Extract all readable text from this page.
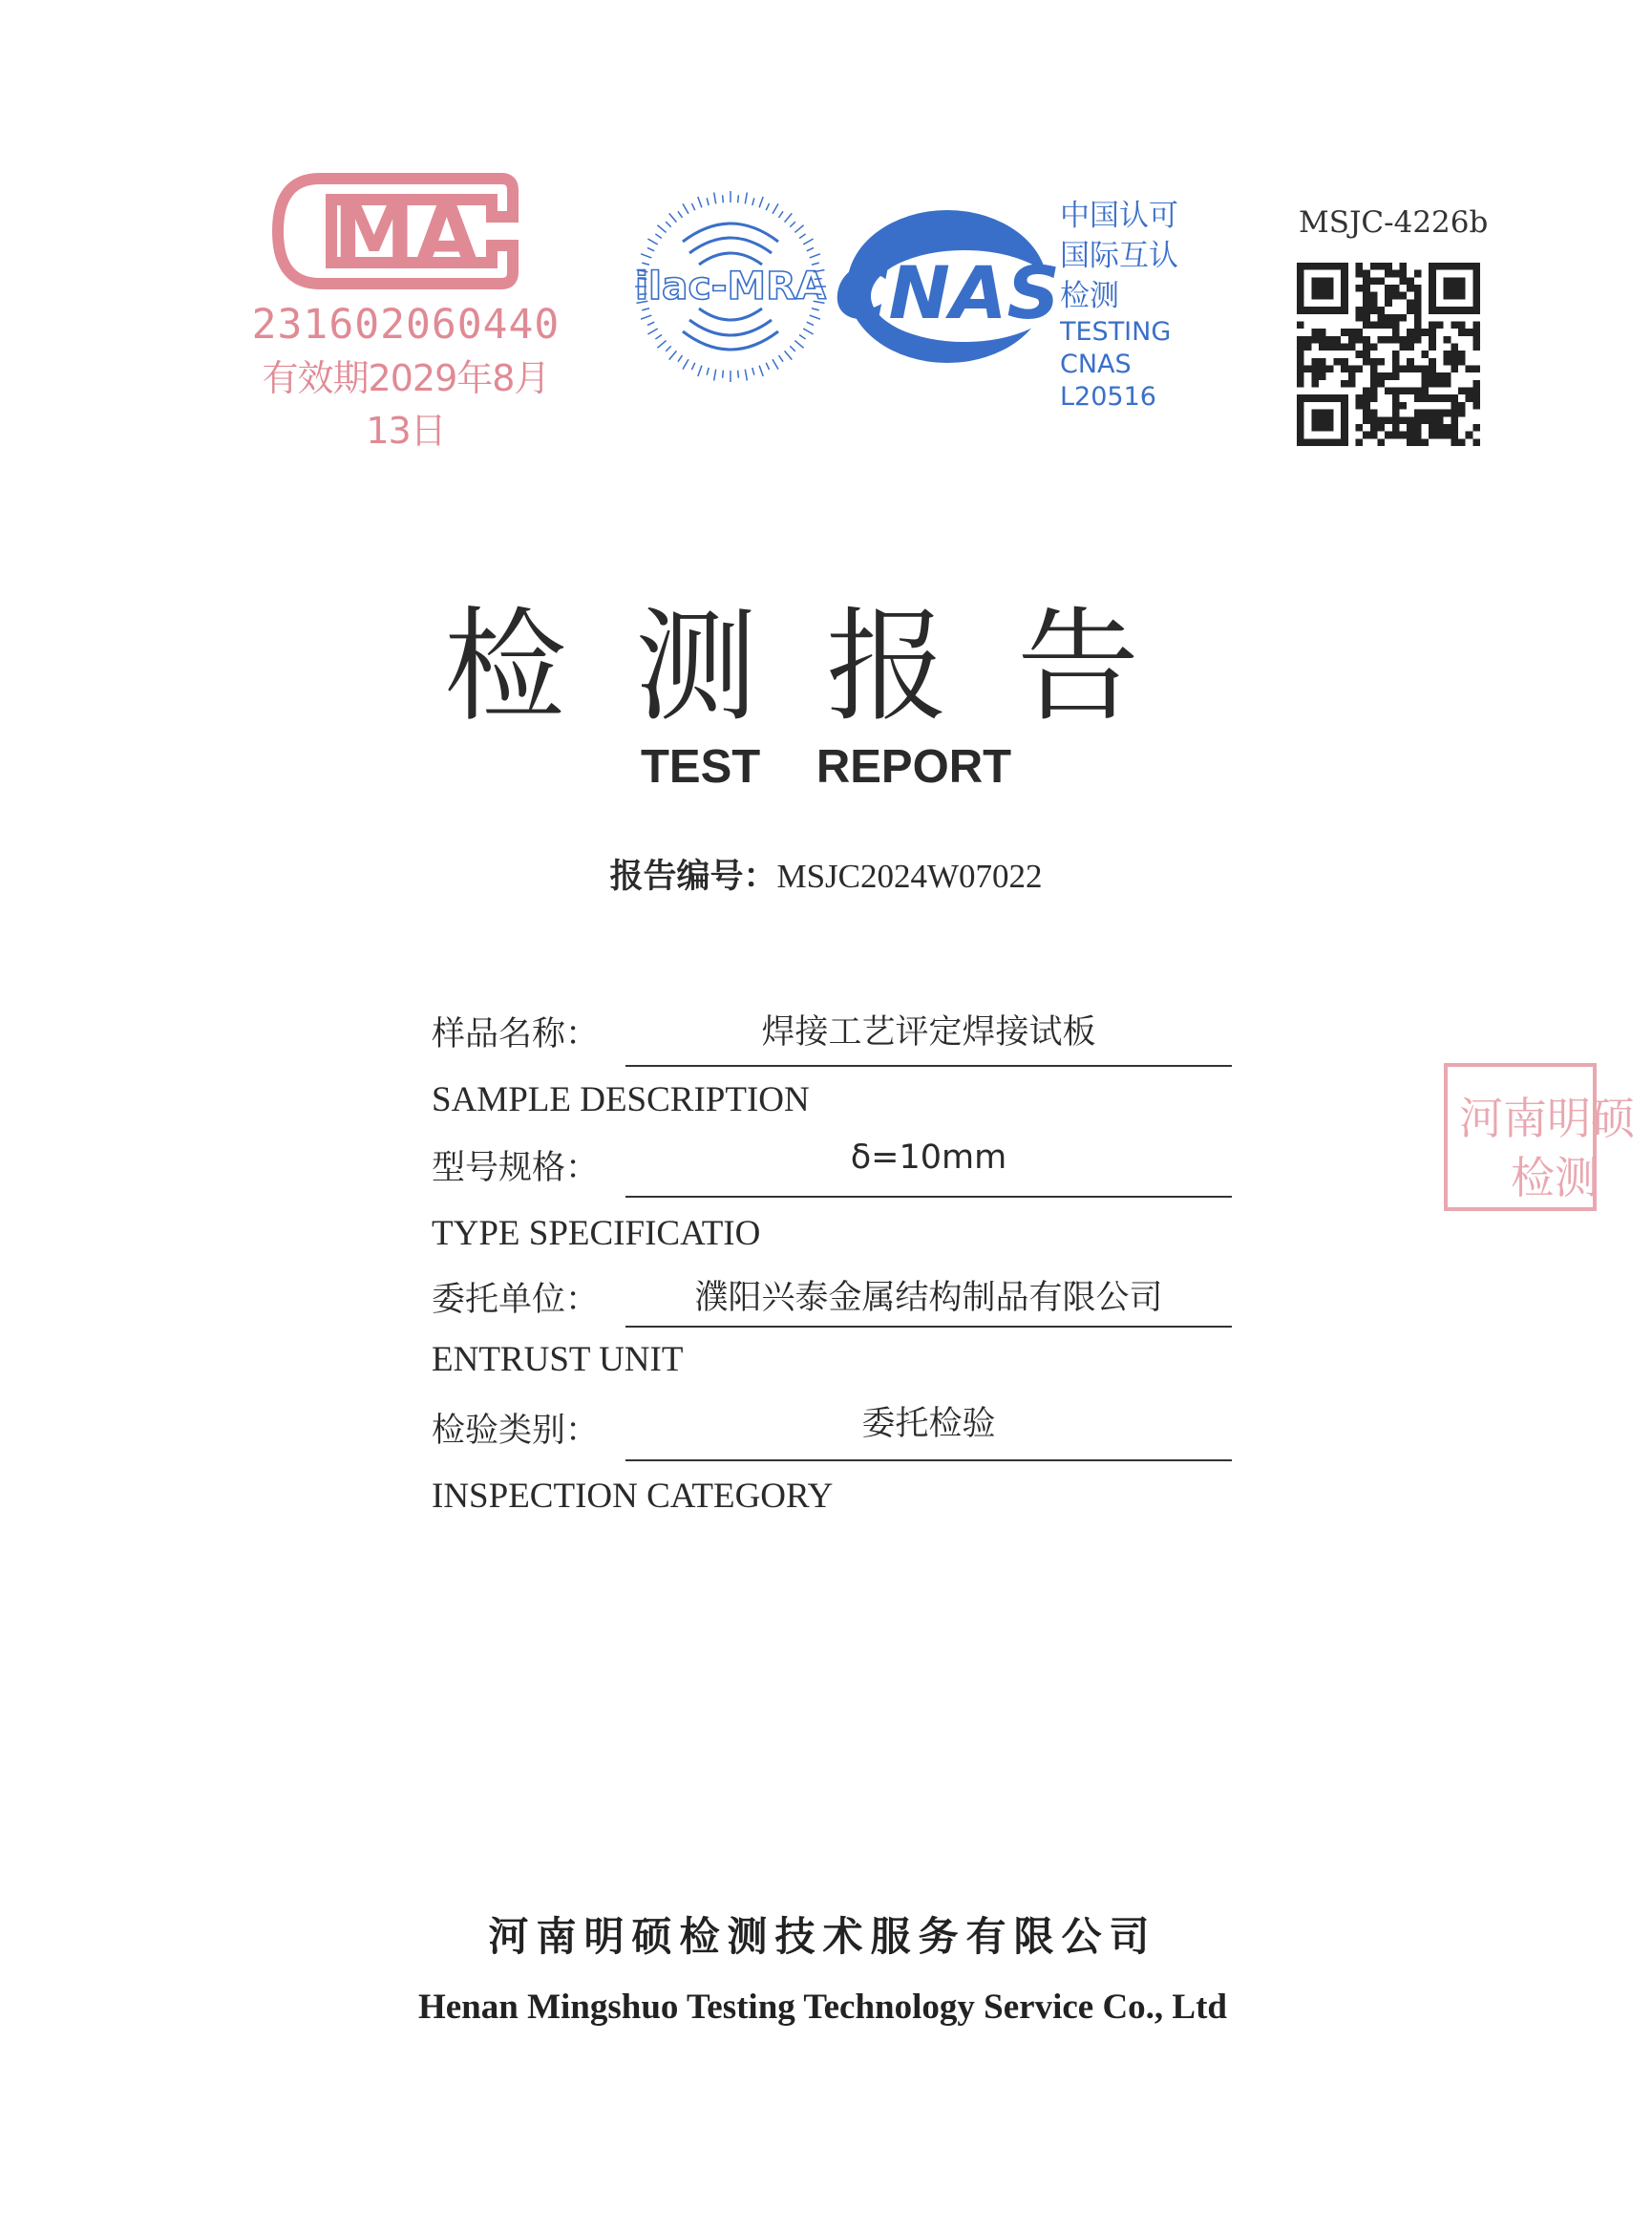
MA
231602060440
有效期2029年8月13日
ilac-MRA CNAS
中国认可
国际互认
检测
TESTING
CNAS L20516
MSJC-4226b
检测报告
TEST REPORT
报告编号：MSJC2024W07022
样品名称：	焊接工艺评定焊接试板
SAMPLE DESCRIPTION
型号规格：	δ=10mm
TYPE SPECIFICATIO
委托单位：	濮阳兴泰金属结构制品有限公司
ENTRUST UNIT
检验类别：	委托检验
INSPECTION CATEGORY
河南明硕
检测
河南明硕检测技术服务有限公司
Henan Mingshuo Testing Technology Service Co., Ltd
